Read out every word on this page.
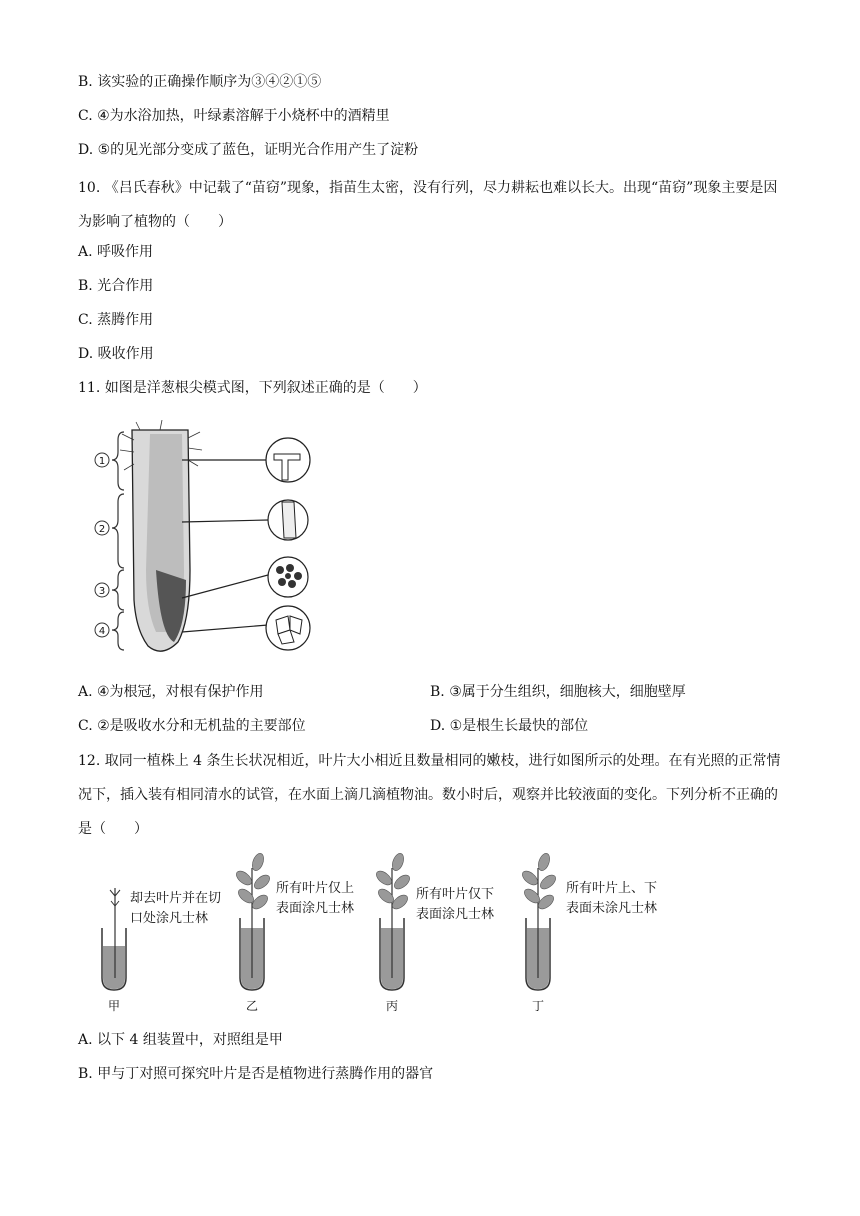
B. 该实验的正确操作顺序为③④②①⑤
C. ④为水浴加热，叶绿素溶解于小烧杯中的酒精里
D. ⑤的见光部分变成了蓝色，证明光合作用产生了淀粉
10. 《吕氏春秋》中记载了“苗窃”现象，指苗生太密，没有行列，尽力耕耘也难以长大。出现“苗窃”现象主要是因为影响了植物的（　　）
A. 呼吸作用
B. 光合作用
C. 蒸腾作用
D. 吸收作用
11. 如图是洋葱根尖模式图，下列叙述正确的是（　　）
1
2
3
4
A. ④为根冠，对根有保护作用	B. ③属于分生组织，细胞核大，细胞壁厚
C. ②是吸收水分和无机盐的主要部位	D. ①是根生长最快的部位
12. 取同一植株上 4 条生长状况相近，叶片大小相近且数量相同的嫩枝，进行如图所示的处理。在有光照的正常情况下，插入装有相同清水的试管，在水面上滴几滴植物油。数小时后，观察并比较液面的变化。下列分析不正确的是（　　）
却去叶片并在切
口处涂凡士林
甲
所有叶片仅上
表面涂凡士林
乙
所有叶片仅下
表面涂凡士林
丙
所有叶片上、下
表面未涂凡士林
丁
A. 以下 4 组装置中，对照组是甲
B. 甲与丁对照可探究叶片是否是植物进行蒸腾作用的器官
